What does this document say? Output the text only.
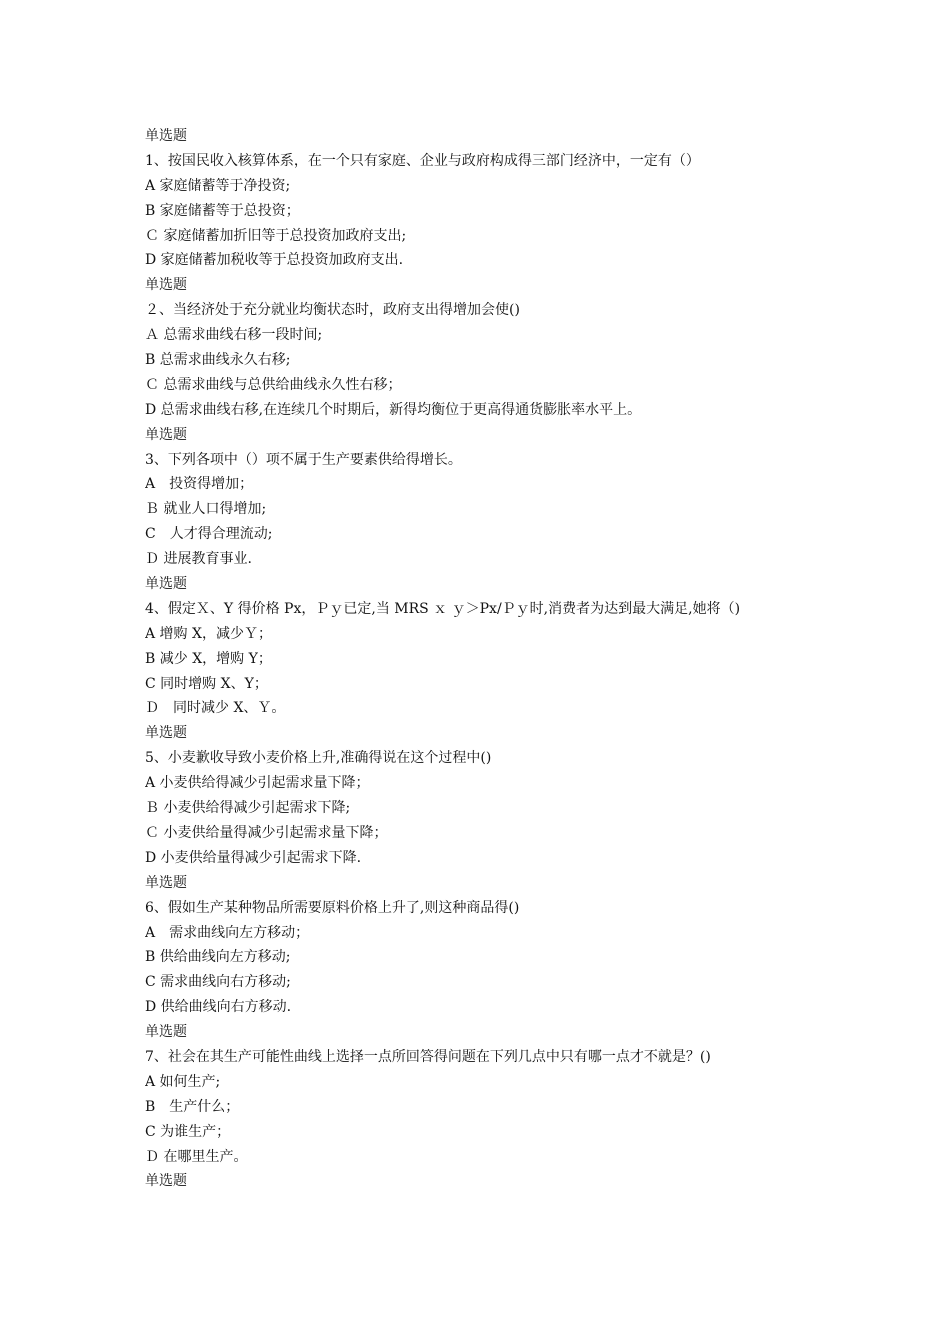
单选题
1、按国民收入核算体系，在一个只有家庭、企业与政府构成得三部门经济中，一定有（）
A 家庭储蓄等于净投资;
B 家庭储蓄等于总投资；
Ｃ 家庭储蓄加折旧等于总投资加政府支出;
D 家庭储蓄加税收等于总投资加政府支出.
单选题
２、当经济处于充分就业均衡状态时，政府支出得增加会使()
Ａ 总需求曲线右移一段时间;
B 总需求曲线永久右移;
Ｃ 总需求曲线与总供给曲线永久性右移；
D 总需求曲线右移,在连续几个时期后，新得均衡位于更高得通货膨胀率水平上。
单选题
3、下列各项中（）项不属于生产要素供给得增长。
A　投资得增加；
Ｂ 就业人口得增加;
C　人才得合理流动;
Ｄ 进展教育事业.
单选题
4、假定Ｘ、Y 得价格 Px，Ｐｙ已定,当 MRS ｘ ｙ＞Px/Ｐｙ时,消费者为达到最大满足,她将（)
A 增购 X，减少Ｙ；
B 减少 X，增购 Y；
C 同时增购 X、Y；
Ｄ　同时减少 X、Ｙ。
单选题
5、小麦歉收导致小麦价格上升,准确得说在这个过程中()
A 小麦供给得减少引起需求量下降；
Ｂ 小麦供给得减少引起需求下降;
Ｃ 小麦供给量得减少引起需求量下降；
D 小麦供给量得减少引起需求下降.
单选题
6、假如生产某种物品所需要原料价格上升了,则这种商品得()
A　需求曲线向左方移动；
B 供给曲线向左方移动;
C 需求曲线向右方移动;
D 供给曲线向右方移动.
单选题
7、社会在其生产可能性曲线上选择一点所回答得问题在下列几点中只有哪一点才不就是？()
A 如何生产;
B　生产什么；
C 为谁生产；
Ｄ 在哪里生产。
单选题
